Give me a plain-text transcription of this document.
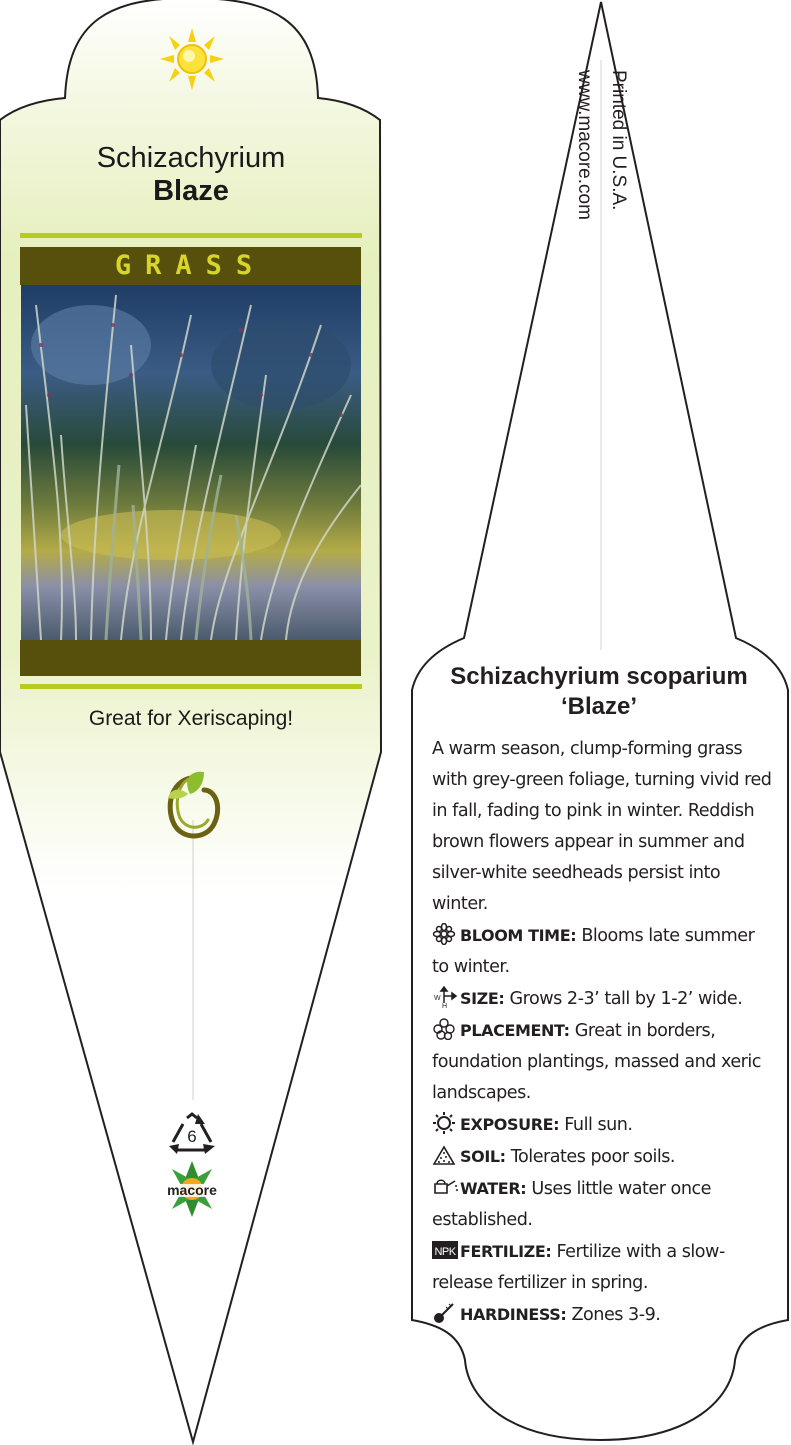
Schizachyrium
Blaze
GRASS
Great for Xeriscaping!
6
macore
Printed in U.S.A.
www.macore.com
Schizachyrium scoparium
‘Blaze’

A warm season, clump-forming grass with grey-green foliage, turning vivid red in fall, fading to pink in winter. Reddish brown flowers appear in summer and silver-white seedheads persist into winter.

BLOOM TIME: Blooms late summer to winter.

W
H SIZE: Grows 2-3’ tall by 1-2’ wide.

PLACEMENT: Great in borders, foundation plantings, massed and xeric landscapes.

EXPOSURE: Full sun.

SOIL: Tolerates poor soils.

WATER: Uses little water once established.

NPK FERTILIZE: Fertilize with a slow-release fertilizer in spring.

HARDINESS: Zones 3-9.
